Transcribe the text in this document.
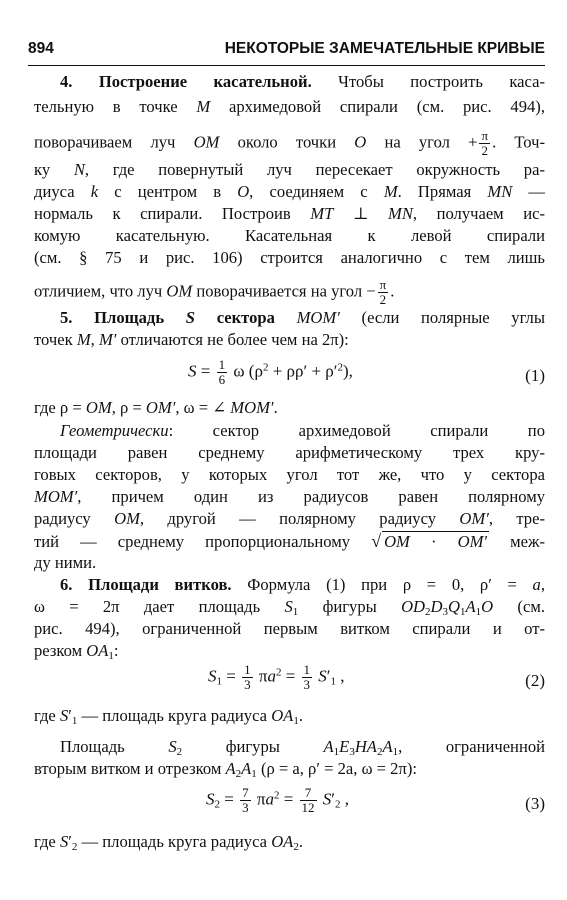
894	НЕКОТОРЫЕ ЗАМЕЧАТЕЛЬНЫЕ КРИВЫЕ
4. Построение касательной. Чтобы построить каса-
тельную в точке M архимедовой спирали (см. рис. 494),
поворачиваем луч OM около точки O на угол + $\frac{\pi}{2}$ . Точ-
ку N, где повернутый луч пересекает окружность ра-
диуса k с центром в O, соединяем с M. Прямая MN —
нормаль к спирали. Построив MT ⊥ MN, получаем ис-
комую касательную. Касательная к левой спирали
(см. § 75 и рис. 106) строится аналогично с тем лишь
отличием, что луч OM поворачивается на угол − $\frac{\pi}{2}$ .
5. Площадь S сектора MOM′ (если полярные углы
точек M, M′ отличаются не более чем на 2π):
$S = \frac{1}{6}$ ω $(\rho^2 + \rho\rho' + \rho'^2)$,	(1)
где ρ = OM, ρ = OM′, ω = ∠ MOM′.
Геометрически: сектор архимедовой спирали по
площади равен среднему арифметическому трех кру-
говых секторов, у которых угол тот же, что у сектора
MOM′, причем один из радиусов равен полярному
радиусу OM, другой — полярному радиусу OM′, тре-
тий — среднему пропорциональному √ OM · OM′ меж-
ду ними.
6. Площади витков. Формула (1) при ρ = 0, ρ′ = a,
ω = 2π дает площадь $S_1$ фигуры $OD_2D_3Q_1A_1O$ (см.
рис. 494), ограниченной первым витком спирали и от-
резком $OA_1$:
$S_1 = \frac{1}{3} \pi a^2 = \frac{1}{3} S'_1$ ,	(2)
где $S'_1$ — площадь круга радиуса $OA_1$.
Площадь	$S_2$	фигуры	$A_1E_3HA_2A_1$, ограниченной
вторым витком и отрезком $A_2A_1$ (ρ = a, ρ′ = 2a, ω = 2π):
$S_2 = \frac{7}{3} \pi a^2 = \frac{7}{12} S'_2$ ,	(3)
где $S'_2$ — площадь круга радиуса $OA_2$.
